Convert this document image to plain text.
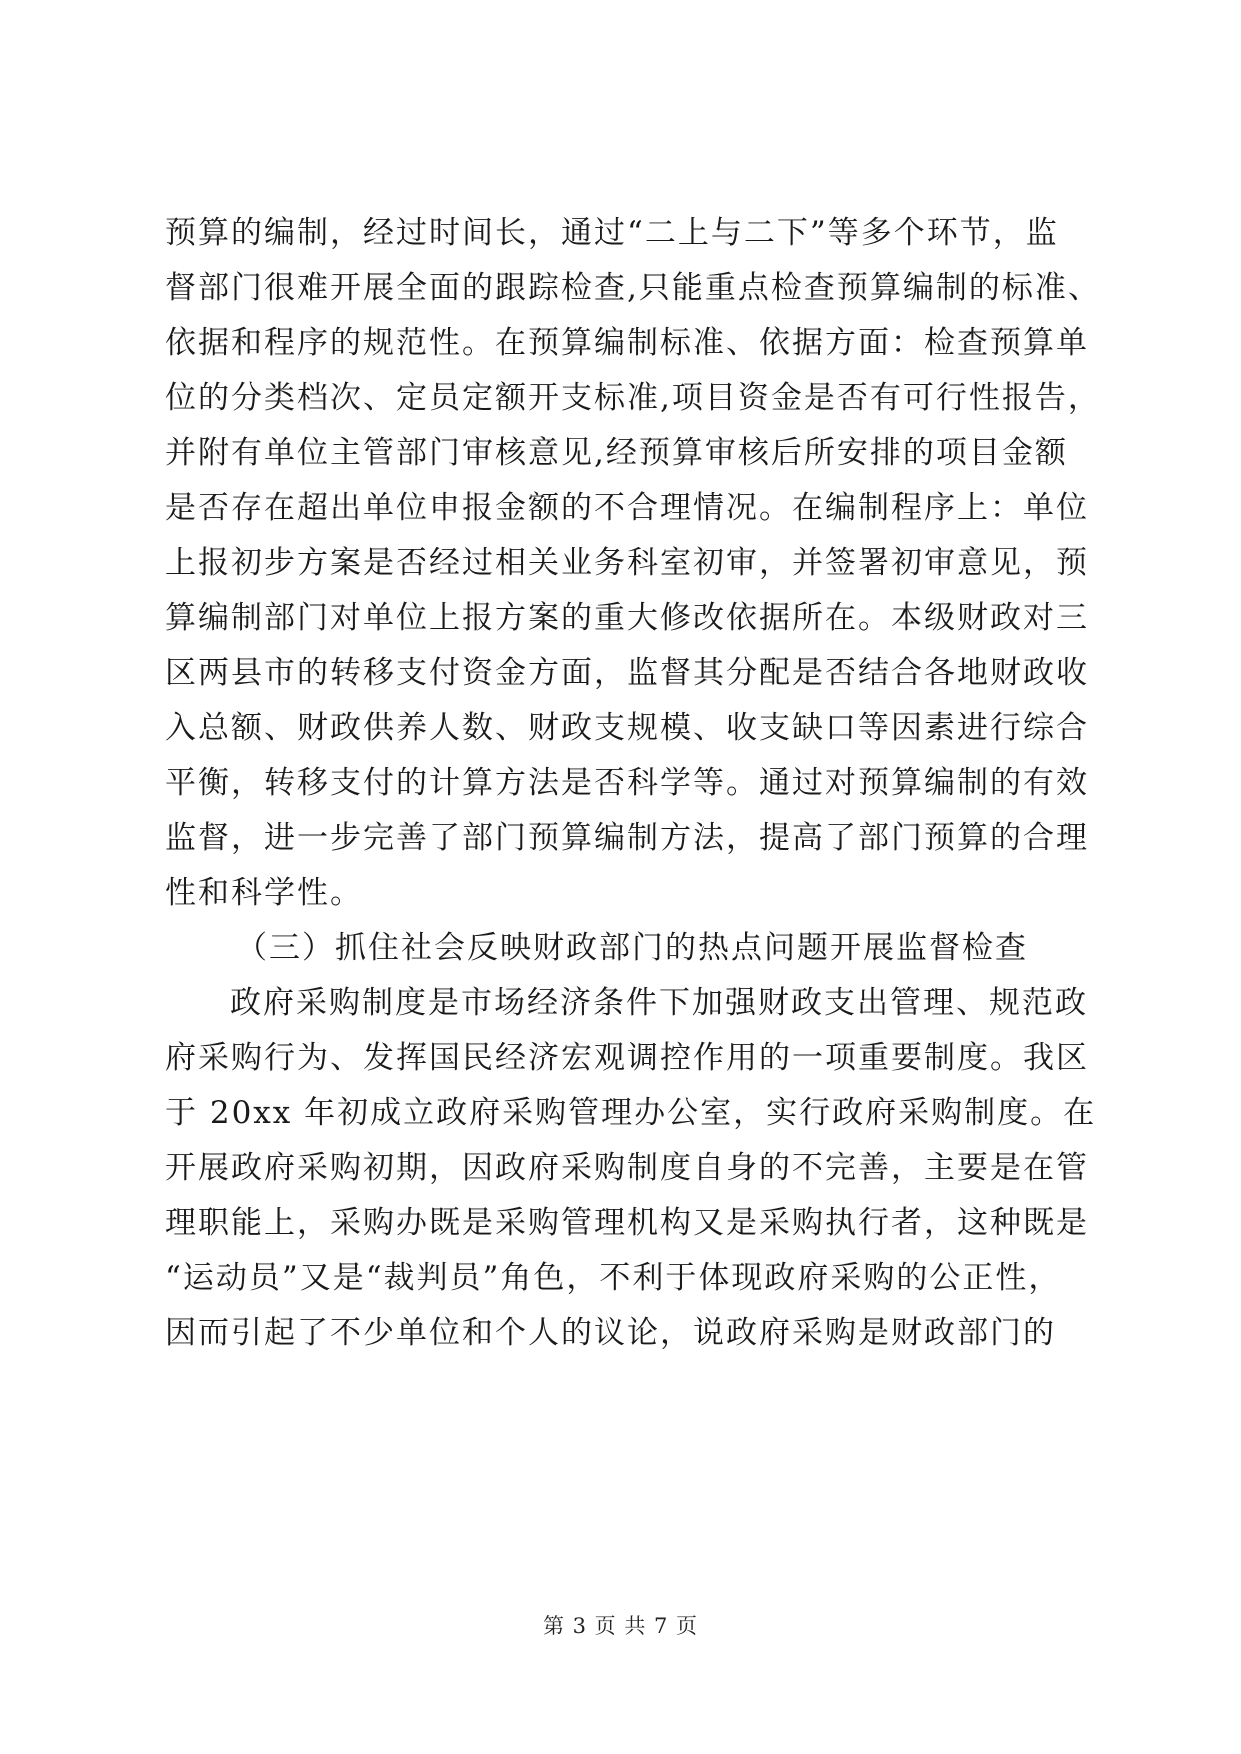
预算的编制，经过时间长，通过“二上与二下”等多个环节，监
督部门很难开展全面的跟踪检查,只能重点检查预算编制的标准、
依据和程序的规范性。在预算编制标准、依据方面：检查预算单
位的分类档次、定员定额开支标准,项目资金是否有可行性报告，
并附有单位主管部门审核意见,经预算审核后所安排的项目金额
是否存在超出单位申报金额的不合理情况。在编制程序上：单位
上报初步方案是否经过相关业务科室初审，并签署初审意见，预
算编制部门对单位上报方案的重大修改依据所在。本级财政对三
区两县市的转移支付资金方面，监督其分配是否结合各地财政收
入总额、财政供养人数、财政支规模、收支缺口等因素进行综合
平衡，转移支付的计算方法是否科学等。通过对预算编制的有效
监督，进一步完善了部门预算编制方法，提高了部门预算的合理
性和科学性。
（三）抓住社会反映财政部门的热点问题开展监督检查
政府采购制度是市场经济条件下加强财政支出管理、规范政
府采购行为、发挥国民经济宏观调控作用的一项重要制度。我区
于 20xx 年初成立政府采购管理办公室，实行政府采购制度。在
开展政府采购初期，因政府采购制度自身的不完善，主要是在管
理职能上，采购办既是采购管理机构又是采购执行者，这种既是
“运动员”又是“裁判员”角色，不利于体现政府采购的公正性，
因而引起了不少单位和个人的议论，说政府采购是财政部门的
第 3 页 共 7 页
